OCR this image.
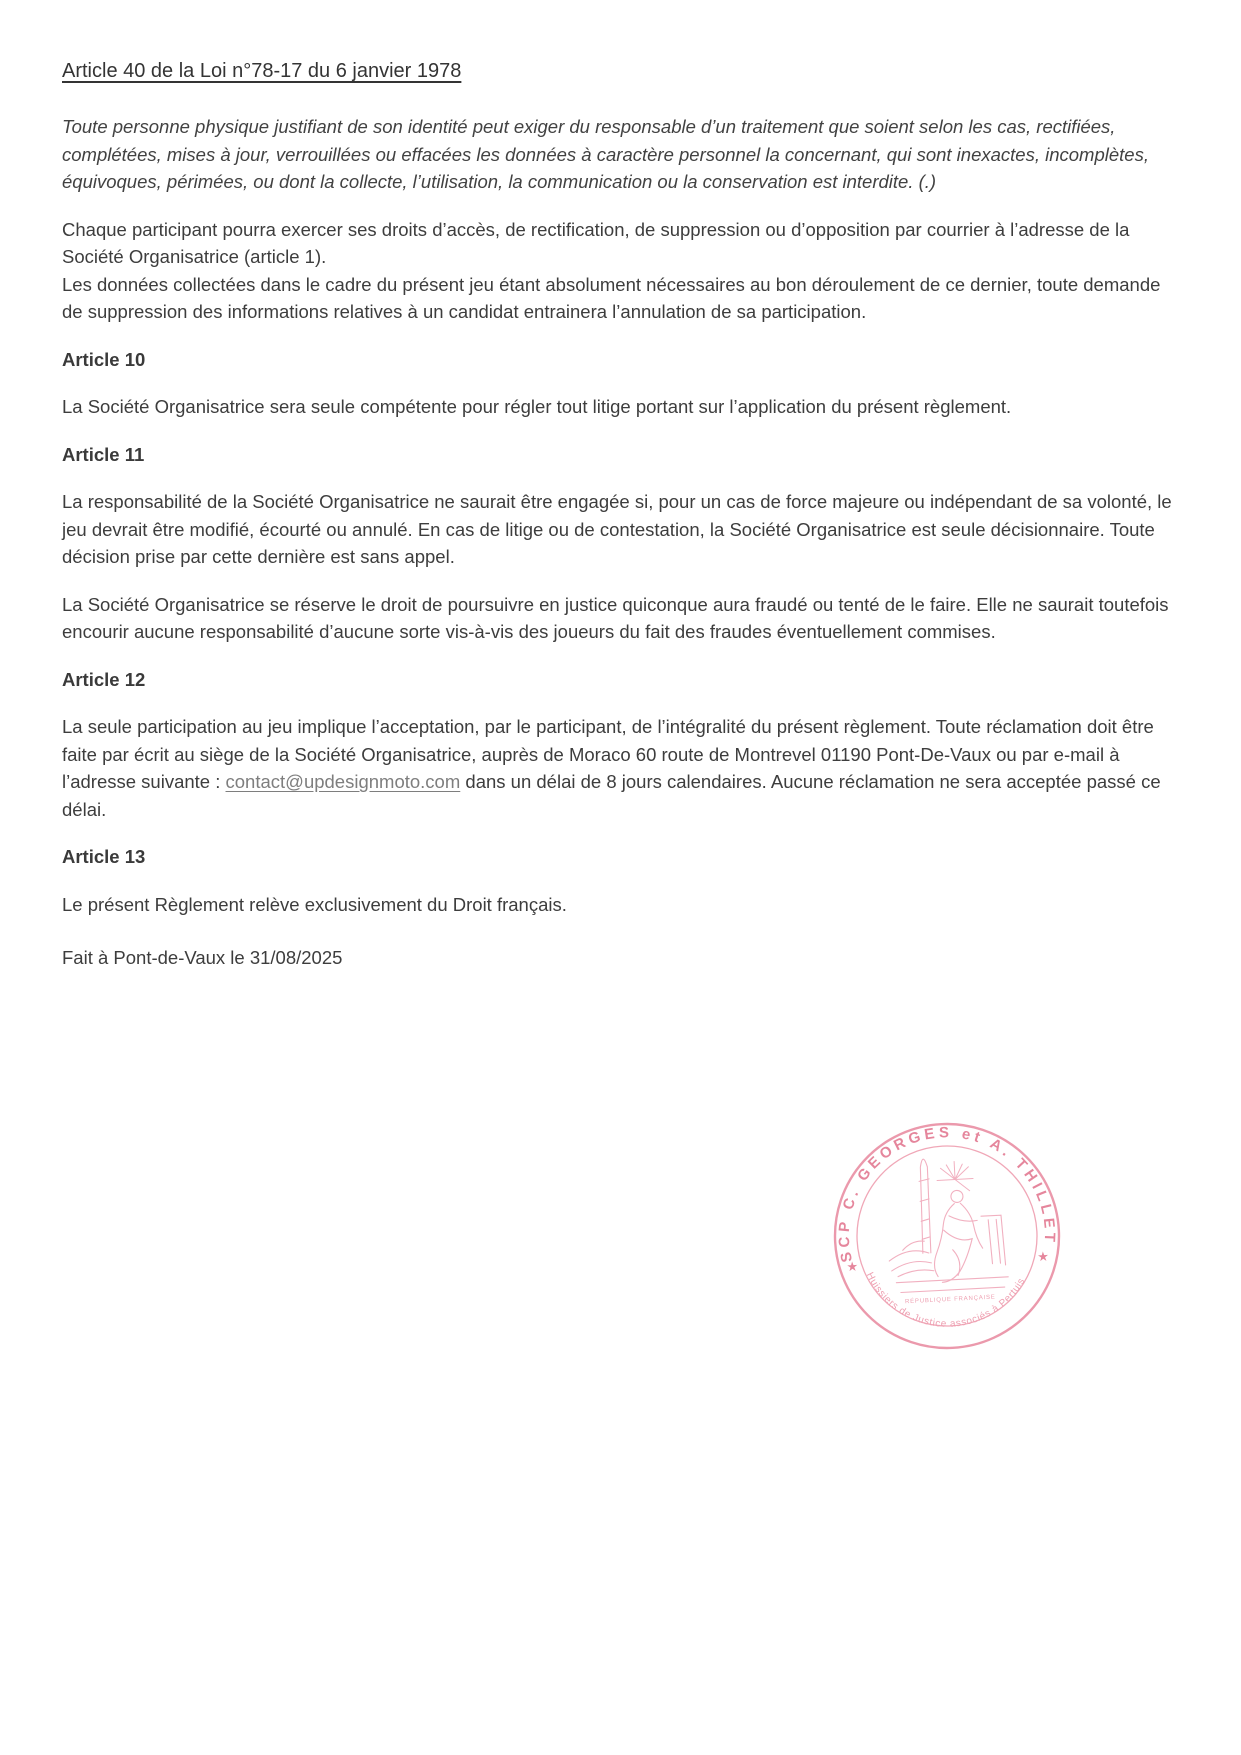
Article 40 de la Loi n°78-17 du 6 janvier 1978

Toute personne physique justifiant de son identité peut exiger du responsable d’un traitement que soient selon les cas, rectifiées, complétées, mises à jour, verrouillées ou effacées les données à caractère personnel la concernant, qui sont inexactes, incomplètes, équivoques, périmées, ou dont la collecte, l’utilisation, la communication ou la conservation est interdite. (.)

Chaque participant pourra exercer ses droits d’accès, de rectification, de suppression ou d’opposition par courrier à l’adresse de la Société Organisatrice (article 1).
Les données collectées dans le cadre du présent jeu étant absolument nécessaires au bon déroulement de ce dernier, toute demande de suppression des informations relatives à un candidat entrainera l’annulation de sa participation.

Article 10

La Société Organisatrice sera seule compétente pour régler tout litige portant sur l’application du présent règlement.

Article 11

La responsabilité de la Société Organisatrice ne saurait être engagée si, pour un cas de force majeure ou indépendant de sa volonté, le jeu devrait être modifié, écourté ou annulé. En cas de litige ou de contestation, la Société Organisatrice est seule décisionnaire. Toute décision prise par cette dernière est sans appel.

La Société Organisatrice se réserve le droit de poursuivre en justice quiconque aura fraudé ou tenté de le faire. Elle ne saurait toutefois encourir aucune responsabilité d’aucune sorte vis-à-vis des joueurs du fait des fraudes éventuellement commises.

Article 12

La seule participation au jeu implique l’acceptation, par le participant, de l’intégralité du présent règlement. Toute réclamation doit être faite par écrit au siège de la Société Organisatrice, auprès de Moraco 60 route de Montrevel 01190 Pont-De-Vaux ou par e-mail à l’adresse suivante : contact@updesignmoto.com dans un délai de 8 jours calendaires. Aucune réclamation ne sera acceptée passé ce délai.

Article 13

Le présent Règlement relève exclusivement du Droit français.

Fait à Pont-de-Vaux le 31/08/2025

SCP C. GEORGES et A. THILLET
Huissiers de Justice associés à Pertuis
★
★
RÉPUBLIQUE FRANÇAISE
